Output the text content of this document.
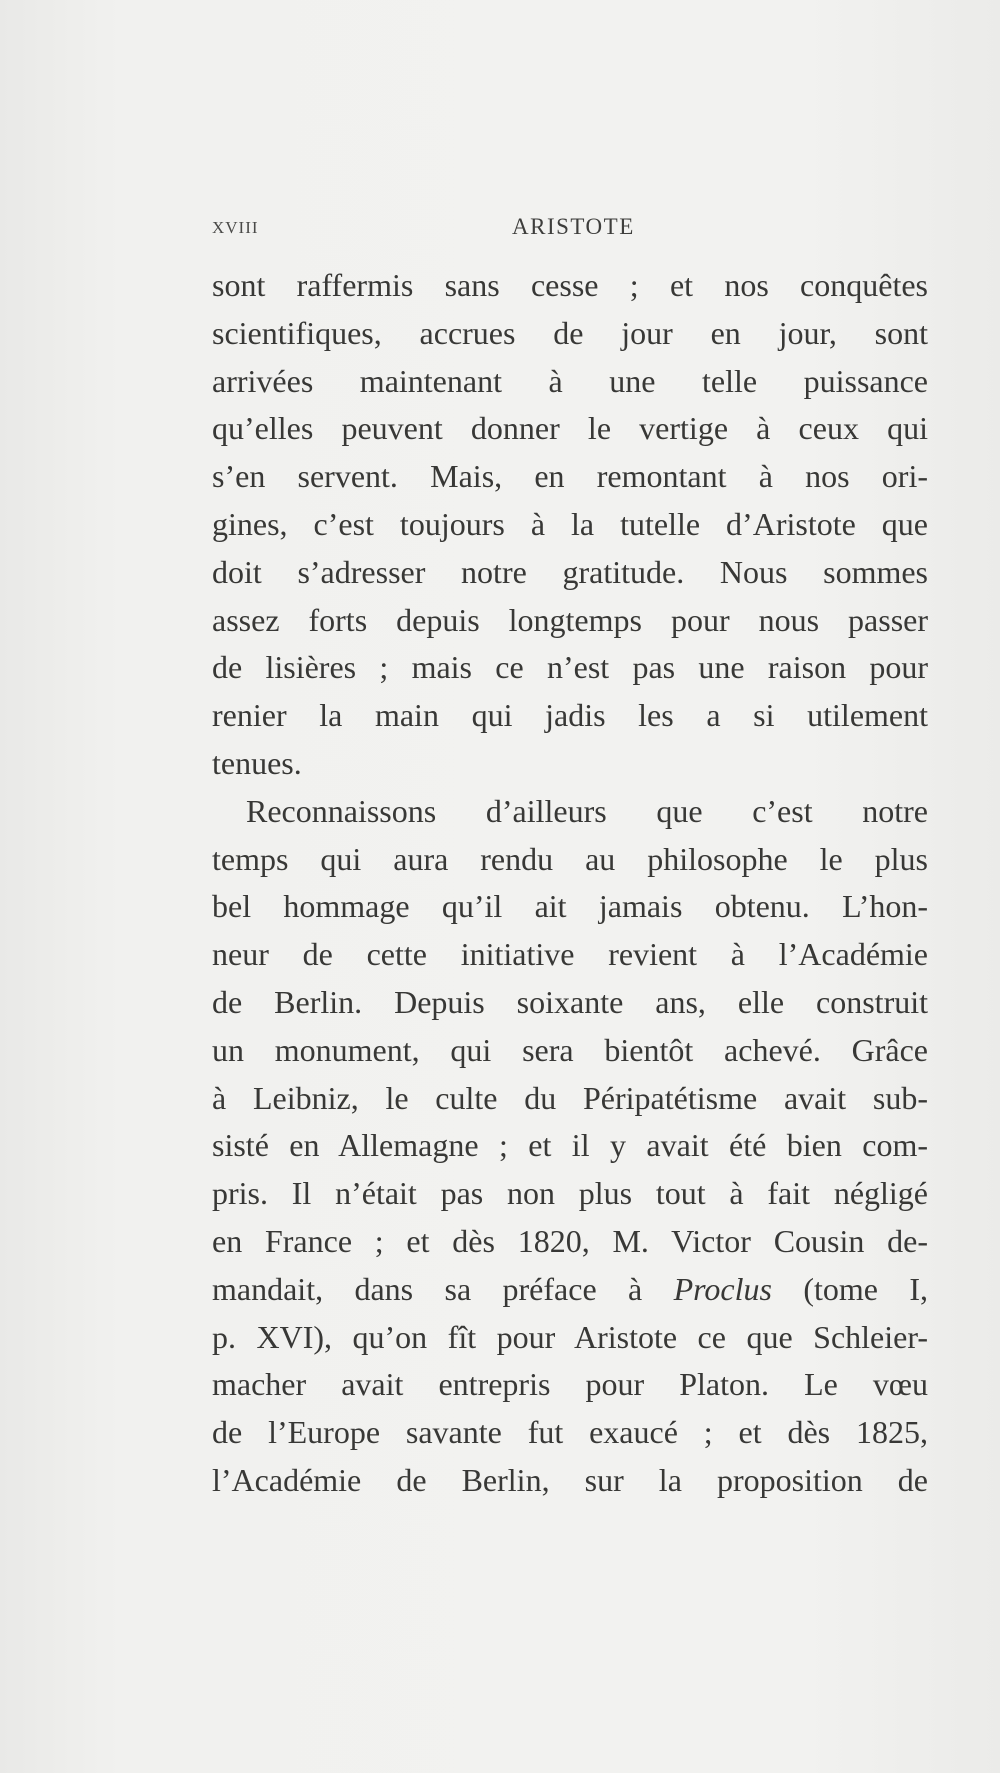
XVIII	ARISTOTE
sont raffermis sans cesse ; et nos conquêtes
scientifiques, accrues de jour en jour, sont
arrivées maintenant à une telle puissance
qu’elles peuvent donner le vertige à ceux qui
s’en servent. Mais, en remontant à nos ori-
gines, c’est toujours à la tutelle d’Aristote que
doit s’adresser notre gratitude. Nous sommes
assez forts depuis longtemps pour nous passer
de lisières ; mais ce n’est pas une raison pour
renier la main qui jadis les a si utilement
tenues.
Reconnaissons d’ailleurs que c’est notre
temps qui aura rendu au philosophe le plus
bel hommage qu’il ait jamais obtenu. L’hon-
neur de cette initiative revient à l’Académie
de Berlin. Depuis soixante ans, elle construit
un monument, qui sera bientôt achevé. Grâce
à Leibniz, le culte du Péripatétisme avait sub-
sisté en Allemagne ; et il y avait été bien com-
pris. Il n’était pas non plus tout à fait négligé
en France ; et dès 1820, M. Victor Cousin de-
mandait, dans sa préface à Proclus (tome I,
p. XVI), qu’on fît pour Aristote ce que Schleier-
macher avait entrepris pour Platon. Le vœu
de l’Europe savante fut exaucé ; et dès 1825,
l’Académie de Berlin, sur la proposition de
